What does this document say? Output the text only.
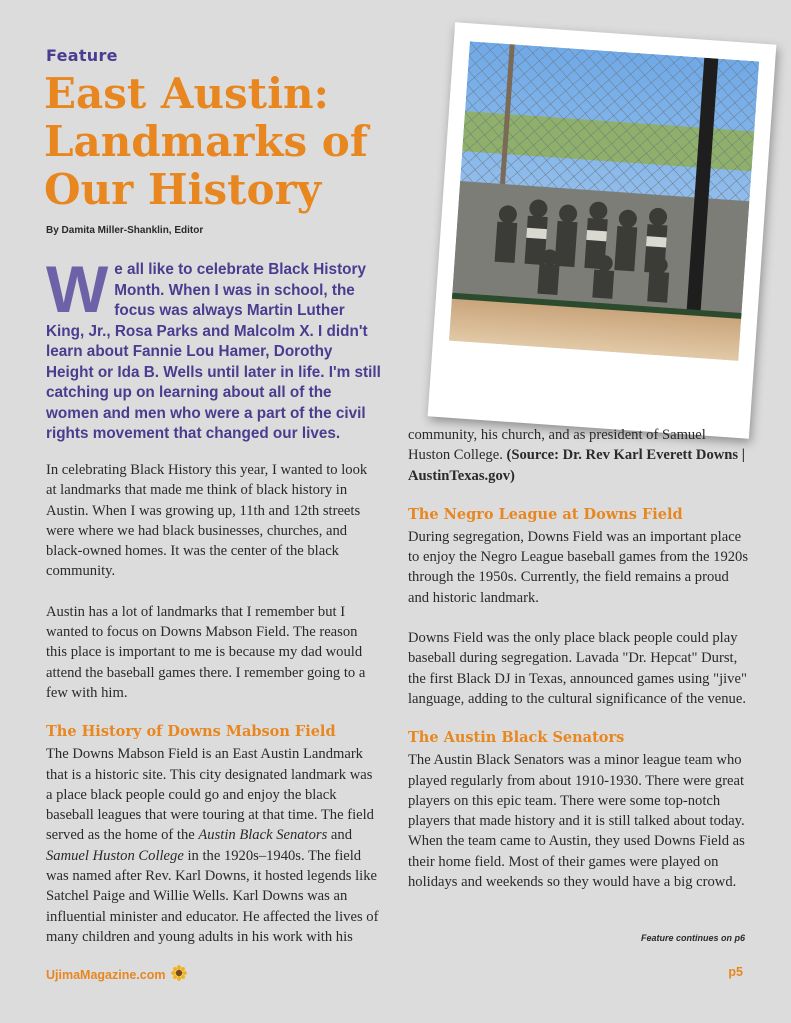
Feature
East Austin: Landmarks of Our History
By Damita Miller-Shanklin, Editor
We all like to celebrate Black History Month. When I was in school, the focus was always Martin Luther King, Jr., Rosa Parks and Malcolm X. I didn't learn about Fannie Lou Hamer, Dorothy Height or Ida B. Wells until later in life. I'm still catching up on learning about all of the women and men who were a part of the civil rights movement that changed our lives.

In celebrating Black History this year, I wanted to look at landmarks that made me think of black history in Austin. When I was growing up, 11th and 12th streets were where we had black businesses, churches, and black-owned homes. It was the center of the black community.

Austin has a lot of landmarks that I remember but I wanted to focus on Downs Mabson Field. The reason this place is important to me is because my dad would attend the baseball games there. I remember going to a few with him.

The History of Downs Mabson Field

The Downs Mabson Field is an East Austin Landmark that is a historic site. This city designated landmark was a place black people could go and enjoy the black baseball leagues that were touring at that time. The field served as the home of the Austin Black Senators and Samuel Huston College in the 1920s–1940s. The field was named after Rev. Karl Downs, it hosted legends like Satchel Paige and Willie Wells. Karl Downs was an influential minister and educator. He affected the lives of many children and young adults in his work with his

community, his church, and as president of Samuel Huston College. (Source: Dr. Rev Karl Everett Downs | AustinTexas.gov)

The Negro League at Downs Field

During segregation, Downs Field was an important place to enjoy the Negro League baseball games from the 1920s through the 1950s. Currently, the field remains a proud and historic landmark.

Downs Field was the only place black people could play baseball during segregation. Lavada "Dr. Hepcat" Durst, the first Black DJ in Texas, announced games using "jive" language, adding to the cultural significance of the venue.

The Austin Black Senators

The Austin Black Senators was a minor league team who played regularly from about 1910-1930. There were great players on this epic team. There were some top-notch players that made history and it is still talked about today. When the team came to Austin, they used Downs Field as their home field. Most of their games were played on holidays and weekends so they would have a big crowd.

Feature continues on p6
UjimaMagazine.com	p5
